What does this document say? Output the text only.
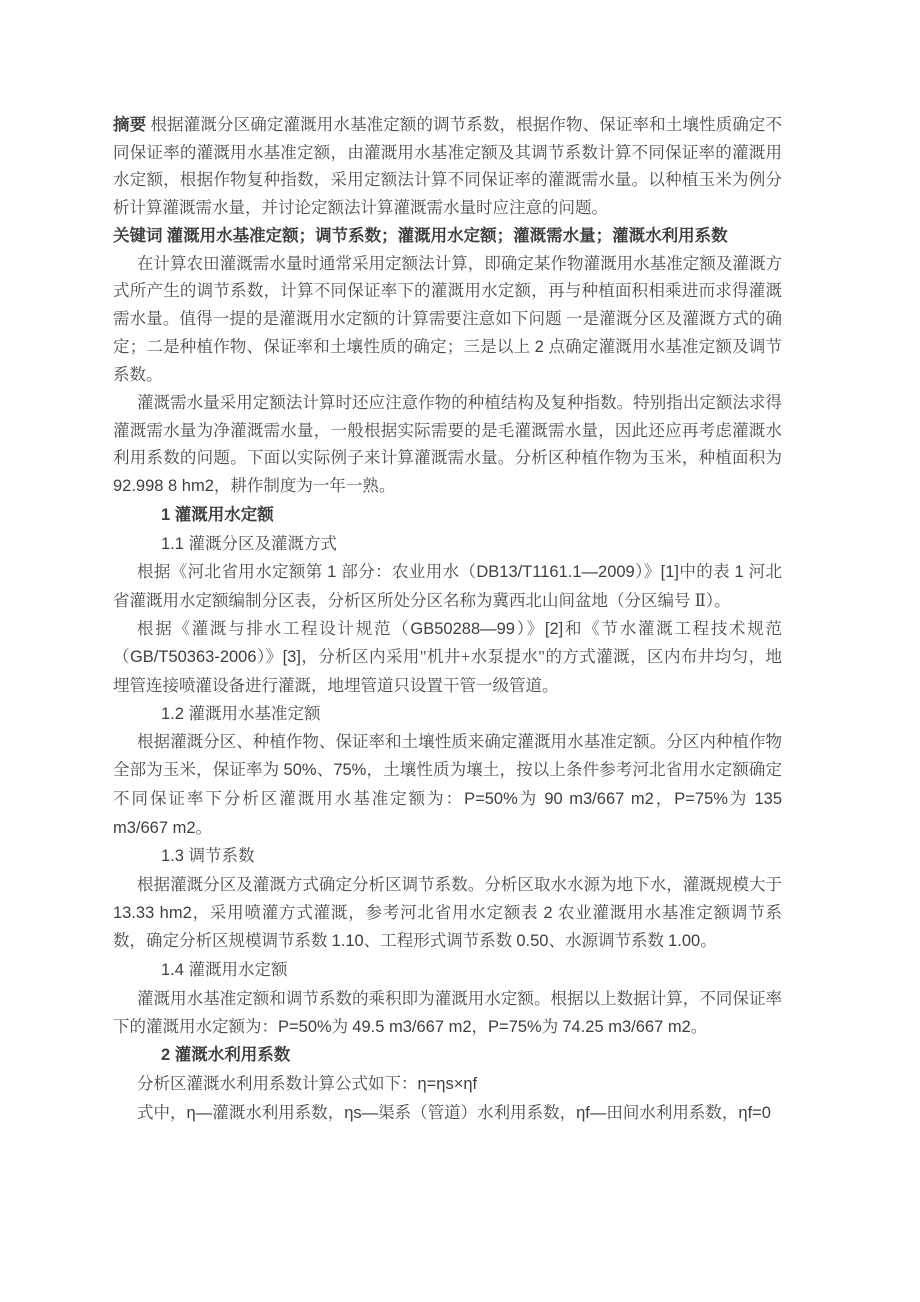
摘要 根据灌溉分区确定灌溉用水基准定额的调节系数，根据作物、保证率和土壤性质确定不同保证率的灌溉用水基准定额，由灌溉用水基准定额及其调节系数计算不同保证率的灌溉用水定额，根据作物复种指数，采用定额法计算不同保证率的灌溉需水量。以种植玉米为例分析计算灌溉需水量，并讨论定额法计算灌溉需水量时应注意的问题。

关键词 灌溉用水基准定额；调节系数；灌溉用水定额；灌溉需水量；灌溉水利用系数

在计算农田灌溉需水量时通常采用定额法计算，即确定某作物灌溉用水基准定额及灌溉方式所产生的调节系数，计算不同保证率下的灌溉用水定额，再与种植面积相乘进而求得灌溉需水量。值得一提的是灌溉用水定额的计算需要注意如下问题 一是灌溉分区及灌溉方式的确定；二是种植作物、保证率和土壤性质的确定；三是以上 2 点确定灌溉用水基准定额及调节系数。

灌溉需水量采用定额法计算时还应注意作物的种植结构及复种指数。特别指出定额法求得灌溉需水量为净灌溉需水量，一般根据实际需要的是毛灌溉需水量，因此还应再考虑灌溉水利用系数的问题。下面以实际例子来计算灌溉需水量。分析区种植作物为玉米，种植面积为 92.998 8 hm2，耕作制度为一年一熟。

1 灌溉用水定额

1.1 灌溉分区及灌溉方式

根据《河北省用水定额第 1 部分：农业用水（DB13/T1161.1—2009）》[1]中的表 1 河北省灌溉用水定额编制分区表，分析区所处分区名称为冀西北山间盆地（分区编号 Ⅱ）。

根据《灌溉与排水工程设计规范（GB50288—99）》[2]和《节水灌溉工程技术规范（GB/T50363-2006）》[3]，分析区内采用"机井+水泵提水"的方式灌溉，区内布井均匀，地埋管连接喷灌设备进行灌溉，地埋管道只设置干管一级管道。

1.2 灌溉用水基准定额

根据灌溉分区、种植作物、保证率和土壤性质来确定灌溉用水基准定额。分区内种植作物全部为玉米，保证率为 50%、75%，土壤性质为壤土，按以上条件参考河北省用水定额确定不同保证率下分析区灌溉用水基准定额为：P=50%为 90 m3/667 m2，P=75%为 135 m3/667 m2。

1.3 调节系数

根据灌溉分区及灌溉方式确定分析区调节系数。分析区取水水源为地下水，灌溉规模大于 13.33 hm2，采用喷灌方式灌溉，参考河北省用水定额表 2 农业灌溉用水基准定额调节系数，确定分析区规模调节系数 1.10、工程形式调节系数 0.50、水源调节系数 1.00。

1.4 灌溉用水定额

灌溉用水基准定额和调节系数的乘积即为灌溉用水定额。根据以上数据计算，不同保证率下的灌溉用水定额为：P=50%为 49.5 m3/667 m2，P=75%为 74.25 m3/667 m2。

2 灌溉水利用系数

分析区灌溉水利用系数计算公式如下：η=ηs×ηf

式中，η—灌溉水利用系数，ηs—渠系（管道）水利用系数，ηf—田间水利用系数，ηf=0
